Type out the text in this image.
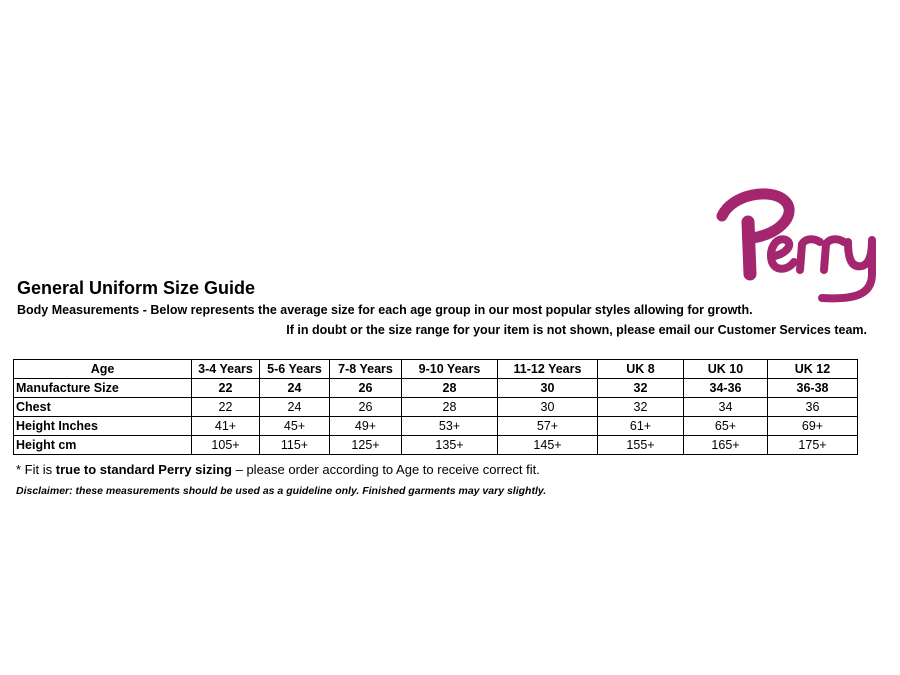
General Uniform Size Guide
Body Measurements - Below represents the average size for each age group in our most popular styles allowing for growth.
If in doubt or the size range for your item is not shown, please email our Customer Services team.
Age	3-4 Years	5-6 Years	7-8 Years	9-10 Years	11-12 Years	UK 8	UK 10	UK 12
Manufacture Size	22	24	26	28	30	32	34-36	36-38
Chest	22	24	26	28	30	32	34	36
Height Inches	41+	45+	49+	53+	57+	61+	65+	69+
Height cm	105+	115+	125+	135+	145+	155+	165+	175+
* Fit is true to standard Perry sizing – please order according to Age to receive correct fit.
Disclaimer: these measurements should be used as a guideline only. Finished garments may vary slightly.
